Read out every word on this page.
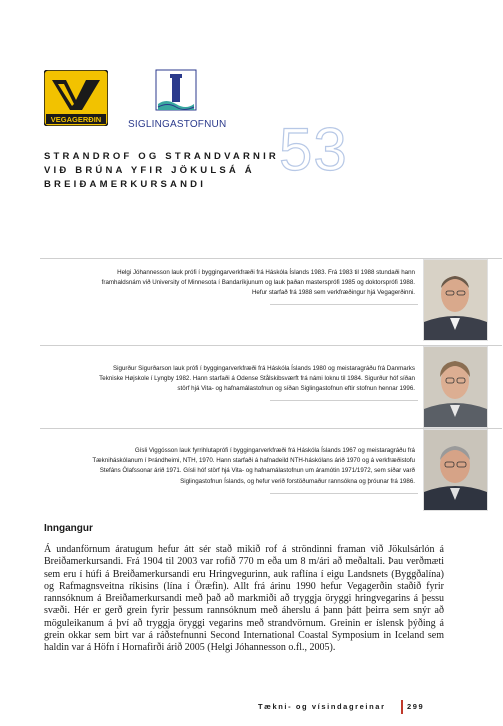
VEGAGERÐIN	SIGLINGASTOFNUN 53
STRANDROF OG STRANDVARNIR
VIÐ BRÚNA YFIR JÖKULSÁ Á
BREIÐAMERKURSANDI
Helgi Jóhannesson lauk prófi í byggingarverkfræði frá Háskóla Íslands 1983. Frá 1983 til 1988 stundaði hann
framhaldsnám við University of Minnesota í Bandaríkjunum og lauk þaðan mastersprófi 1985 og doktorsprófi 1988.
Hefur starfað frá 1988 sem verkfræðingur hjá Vegagerðinni.
Sigurður Sigurðarson lauk prófi í byggingarverkfræði frá Háskóla Íslands 1980 og meistaragráðu frá Danmarks
Tekniske Højskole í Lyngby 1982. Hann starfaði á Odense Stålskibsværft frá námi loknu til 1984. Sigurður hóf síðan
störf hjá Vita- og hafnamálastofnun og síðan Siglingastofnun eftir stofnun hennar 1996.
Gísli Viggósson lauk fyrrihlutaprófi í byggingarverkfræði frá Háskóla Íslands 1967 og meistaragráðu frá
Tækniháskólanum í Þrándheimi, NTH, 1970. Hann starfaði á hafnadeild NTH-háskólans árið 1970 og á verkfræðistofu
Stefáns Ólafssonar árið 1971. Gísli hóf störf hjá Vita- og hafnamálastofnun um áramótin 1971/1972, sem síðar varð
Siglingastofnun Íslands, og hefur verið forstöðumaður rannsókna og þróunar frá 1986.
Inngangur
Á undanförnum áratugum hefur átt sér stað mikið rof á ströndinni framan við Jökulsárlón á Breiðamerkursandi. Frá 1904 til 2003 var rofið 770 m eða um 8 m/ári að meðaltali. Þau verðmæti sem eru í húfi á Breiðamerkursandi eru Hringvegurinn, auk raflína í eigu Landsnets (Byggðalína) og Rafmagnsveitna ríkisins (lína í Öræfin). Allt frá árinu 1990 hefur Vegagerðin staðið fyrir rannsóknum á Breiðamerkursandi með það að markmiði að tryggja öryggi hringvegarins á þessu svæði. Hér er gerð grein fyrir þessum rannsóknum með áherslu á þann þátt þeirra sem snýr að möguleikanum á því að tryggja öryggi vegarins með strandvörnum. Greinin er íslensk þýðing á grein okkar sem birt var á ráðstefnunni Second International Coastal Symposium in Iceland sem haldin var á Höfn í Hornafirði árið 2005 (Helgi Jóhannesson o.fl., 2005).
Tækni- og vísindagreinar	299
